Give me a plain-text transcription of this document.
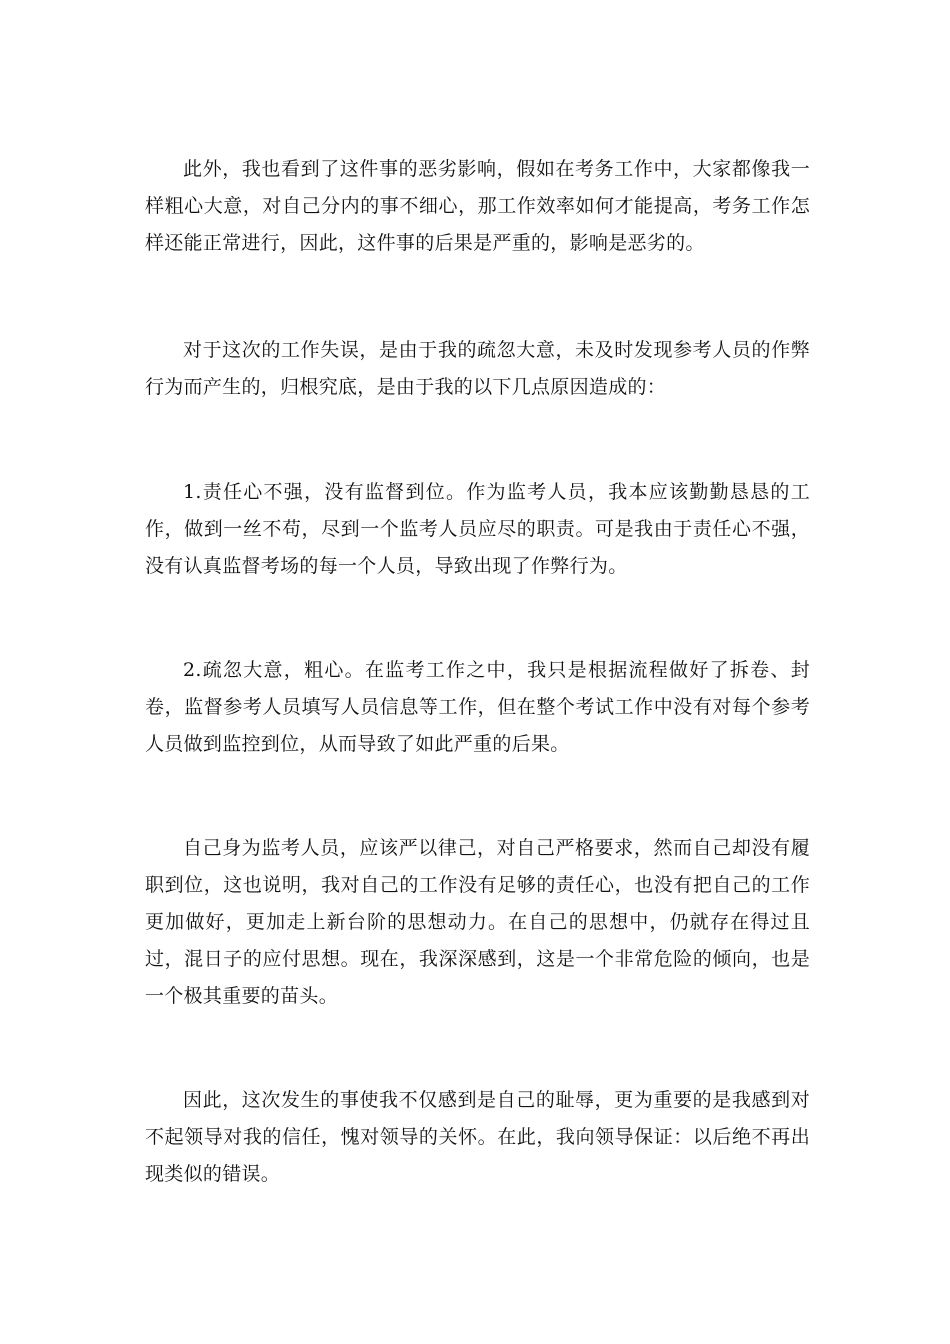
此外，我也看到了这件事的恶劣影响，假如在考务工作中，大家都像我一样粗心大意，对自己分内的事不细心，那工作效率如何才能提高，考务工作怎样还能正常进行，因此，这件事的后果是严重的，影响是恶劣的。

对于这次的工作失误，是由于我的疏忽大意，未及时发现参考人员的作弊行为而产生的，归根究底，是由于我的以下几点原因造成的：

1.责任心不强，没有监督到位。作为监考人员，我本应该勤勤恳恳的工作，做到一丝不苟，尽到一个监考人员应尽的职责。可是我由于责任心不强，没有认真监督考场的每一个人员，导致出现了作弊行为。

2.疏忽大意，粗心。在监考工作之中，我只是根据流程做好了拆卷、封卷，监督参考人员填写人员信息等工作，但在整个考试工作中没有对每个参考人员做到监控到位，从而导致了如此严重的后果。

自己身为监考人员，应该严以律己，对自己严格要求，然而自己却没有履职到位，这也说明，我对自己的工作没有足够的责任心，也没有把自己的工作更加做好，更加走上新台阶的思想动力。在自己的思想中，仍就存在得过且过，混日子的应付思想。现在，我深深感到，这是一个非常危险的倾向，也是一个极其重要的苗头。

因此，这次发生的事使我不仅感到是自己的耻辱，更为重要的是我感到对不起领导对我的信任，愧对领导的关怀。在此，我向领导保证：以后绝不再出现类似的错误。
